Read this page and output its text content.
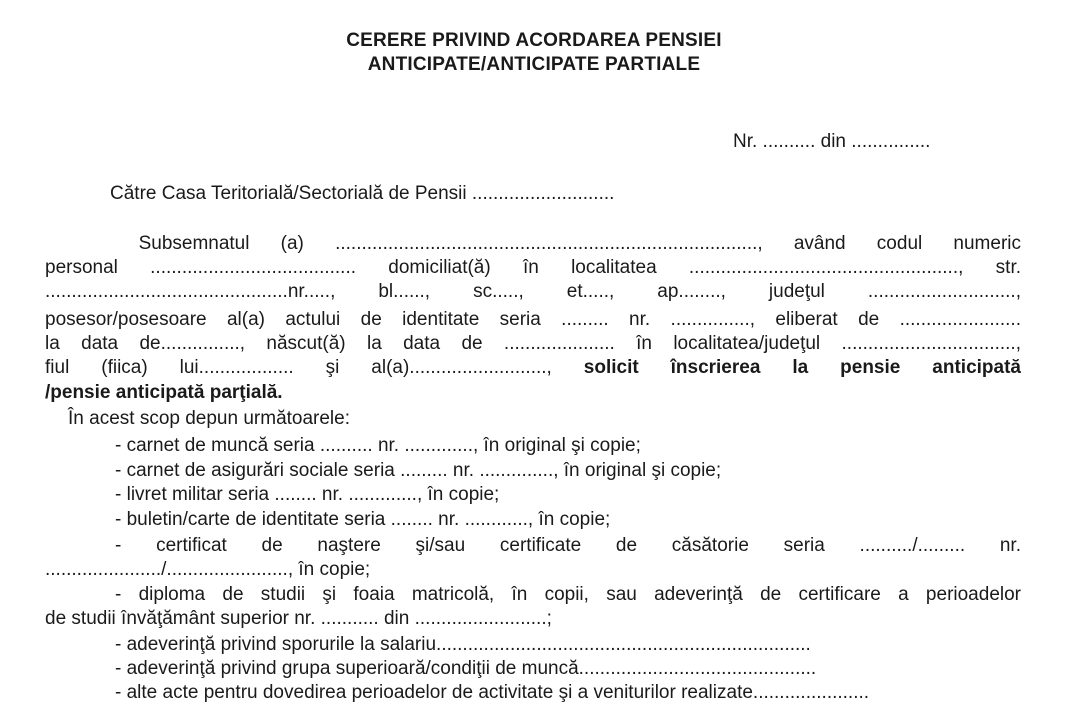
CERERE PRIVIND ACORDAREA PENSIEI
ANTICIPATE/ANTICIPATE PARTIALE
Nr. .......... din ...............
Către Casa Teritorială/Sectorială de Pensii ...........................
Subsemnatul (a) ................................................................................, având codul numeric
personal ....................................... domiciliat(ă) în localitatea ..................................................., str.
..............................................nr....., bl......, sc....., et....., ap........, judeţul ............................,
posesor/posesoare al(a) actului de identitate seria ......... nr. ..............., eliberat de .......................
la data de..............., născut(ă) la data de ..................... în localitatea/judeţul .................................,
fiul (fiica) lui.................. şi al(a).........................., solicit înscrierea la pensie anticipată
/pensie anticipată parţială.
În acest scop depun următoarele:
- carnet de muncă seria .......... nr. ............., în original şi copie;
- carnet de asigurări sociale seria ......... nr. .............., în original şi copie;
- livret militar seria ........ nr. ............., în copie;
- buletin/carte de identitate seria ........ nr. ............, în copie;
-   certificat   de   naştere   şi/sau   certificate   de   căsătorie   seria   ........../.........   nr.
....................../......................., în copie;
- diploma de studii şi foaia matricolă, în copii, sau adeverinţă de certificare a perioadelor
de studii învăţământ superior nr. ........... din .........................;
- adeverinţă privind sporurile la salariu.......................................................................
- adeverinţă privind grupa superioară/condiţii de muncă.............................................
- alte acte pentru dovedirea perioadelor de activitate şi a veniturilor realizate......................
